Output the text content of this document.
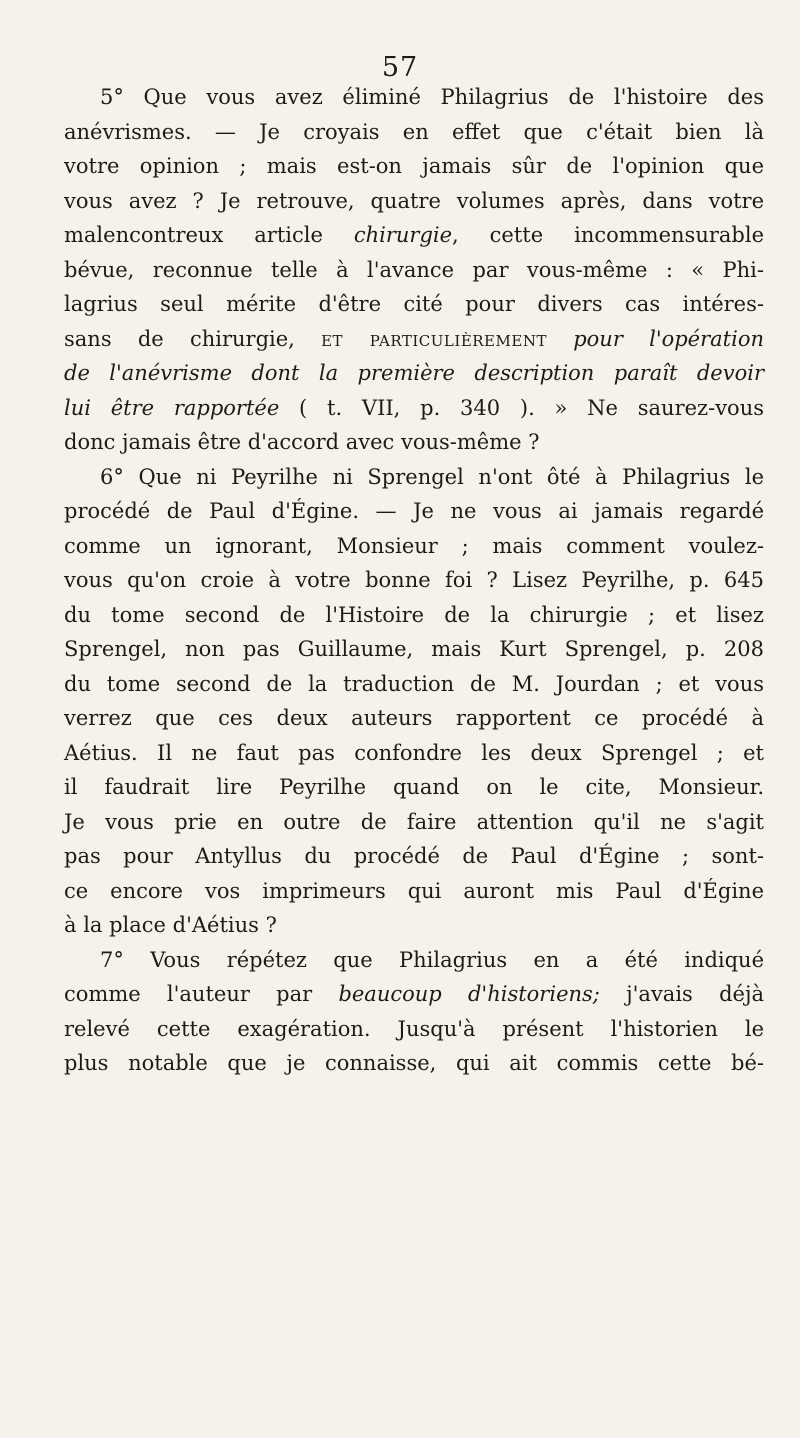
57
5° Que vous avez éliminé Philagrius de l'histoire des
anévrismes. — Je croyais en effet que c'était bien là
votre opinion ; mais est-on jamais sûr de l'opinion que
vous avez ? Je retrouve, quatre volumes après, dans votre
malencontreux article chirurgie, cette incommensurable
bévue, reconnue telle à l'avance par vous-même : « Phi-
lagrius seul mérite d'être cité pour divers cas intéres-
sans de chirurgie, et particulièrement pour l'opération
de l'anévrisme dont la première description paraît devoir
lui être rapportée ( t. VII, p. 340 ). » Ne saurez-vous
donc jamais être d'accord avec vous-même ?
6° Que ni Peyrilhe ni Sprengel n'ont ôté à Philagrius le
procédé de Paul d'Égine. — Je ne vous ai jamais regardé
comme un ignorant, Monsieur ; mais comment voulez-
vous qu'on croie à votre bonne foi ? Lisez Peyrilhe, p. 645
du tome second de l'Histoire de la chirurgie ; et lisez
Sprengel, non pas Guillaume, mais Kurt Sprengel, p. 208
du tome second de la traduction de M. Jourdan ; et vous
verrez que ces deux auteurs rapportent ce procédé à
Aétius. Il ne faut pas confondre les deux Sprengel ; et
il faudrait lire Peyrilhe quand on le cite, Monsieur.
Je vous prie en outre de faire attention qu'il ne s'agit
pas pour Antyllus du procédé de Paul d'Égine ; sont-
ce encore vos imprimeurs qui auront mis Paul d'Égine
à la place d'Aétius ?
7° Vous répétez que Philagrius en a été indiqué
comme l'auteur par beaucoup d'historiens; j'avais déjà
relevé cette exagération. Jusqu'à présent l'historien le
plus notable que je connaisse, qui ait commis cette bé-
